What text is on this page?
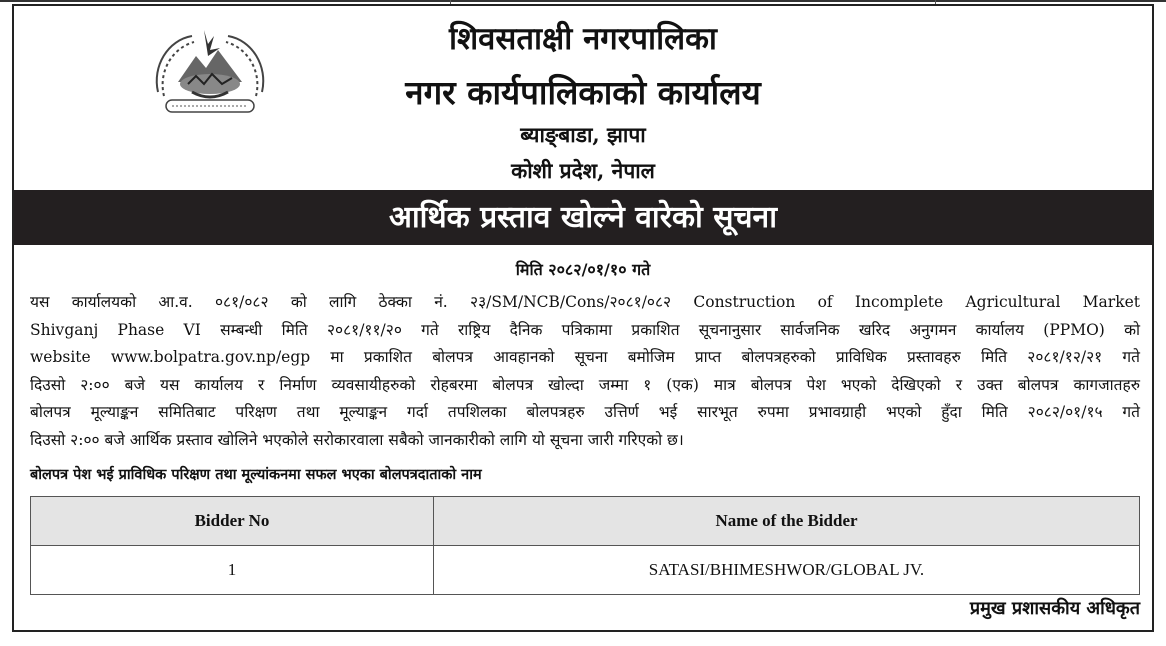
शिवसताक्षी नगरपालिका
नगर कार्यपालिकाको कार्यालय
ब्याङ्बाडा, झापा
कोशी प्रदेश, नेपाल
आर्थिक प्रस्ताव खोल्ने वारेको सूचना
मिति २०८२/०१/१० गते
यस कार्यालयको आ.व. ०८१/०८२ को लागि ठेक्का नं. २३/SM/NCB/Cons/२०८१/०८२ Construction of Incomplete Agricultural Market
Shivganj Phase VI सम्बन्धी मिति २०८१/११/२० गते राष्ट्रिय दैनिक पत्रिकामा प्रकाशित सूचनानुसार सार्वजनिक खरिद अनुगमन कार्यालय (PPMO) को
website www.bolpatra.gov.np/egp मा प्रकाशित बोलपत्र आवहानको सूचना बमोजिम प्राप्त बोलपत्रहरुको प्राविधिक प्रस्तावहरु मिति २०८१/१२/२१ गते
दिउसो २:०० बजे यस कार्यालय र निर्माण व्यवसायीहरुको रोहबरमा बोलपत्र खोल्दा जम्मा १ (एक) मात्र बोलपत्र पेश भएको देखिएको र उक्त बोलपत्र कागजातहरु
बोलपत्र मूल्याङ्कन समितिबाट परिक्षण तथा मूल्याङ्कन गर्दा तपशिलका बोलपत्रहरु उत्तिर्ण भई सारभूत रुपमा प्रभावग्राही भएको हुँदा मिति २०८२/०१/१५ गते
दिउसो २:०० बजे आर्थिक प्रस्ताव खोलिने भएकोले सरोकारवाला सबैको जानकारीको लागि यो सूचना जारी गरिएको छ।
बोलपत्र पेश भई प्राविधिक परिक्षण तथा मूल्यांकनमा सफल भएका बोलपत्रदाताको नाम
Bidder No	Name of the Bidder
1	SATASI/BHIMESHWOR/GLOBAL JV.
प्रमुख प्रशासकीय अधिकृत
